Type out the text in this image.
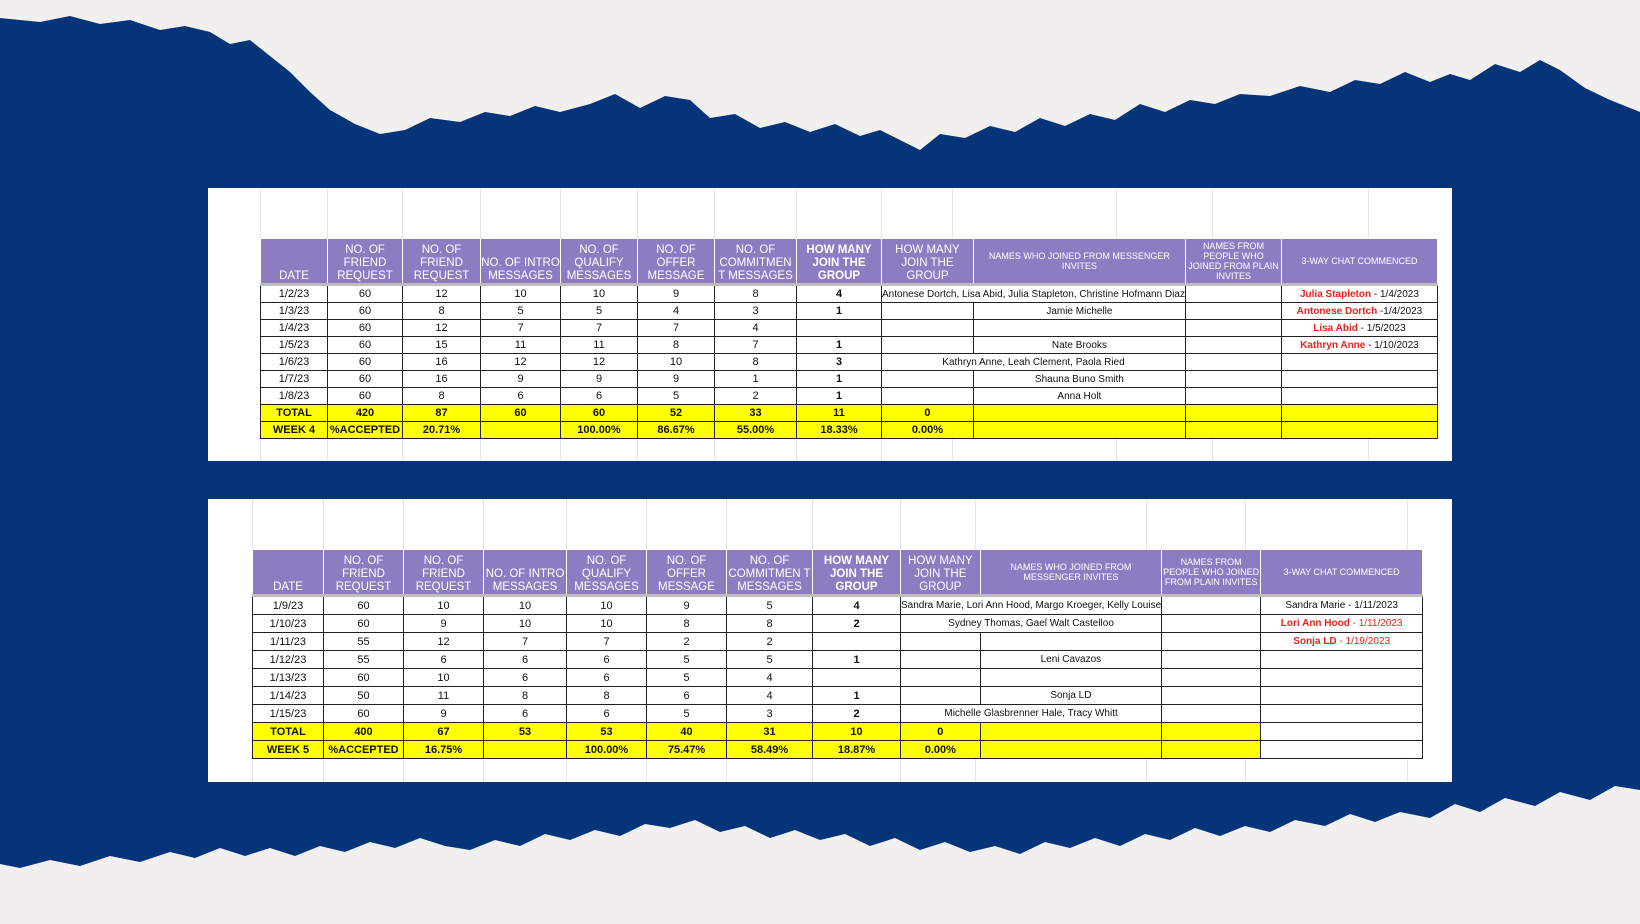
DATE	NO. OF FRIEND REQUEST	NO. OF FRIEND REQUEST	NO. OF INTRO MESSAGES	NO. OF QUALIFY MESSAGES	NO. OF OFFER MESSAGE	NO. OF COMMITMEN T MESSAGES	HOW MANY JOIN THE GROUP	HOW MANY JOIN THE GROUP	NAMES WHO JOINED FROM MESSENGER INVITES	NAMES FROM PEOPLE WHO JOINED FROM PLAIN INVITES	3-WAY CHAT COMMENCED
1/2/23	60	12	10	10	9	8	4	Antonese Dortch, Lisa Abid, Julia Stapleton, Christine Hofmann Diaz			Julia Stapleton - 1/4/2023
1/3/23	60	8	5	5	4	3	1		Jamie Michelle		Antonese Dortch -1/4/2023
1/4/23	60	12	7	7	7	4					Lisa Abid - 1/5/2023
1/5/23	60	15	11	11	8	7	1		Nate Brooks		Kathryn Anne - 1/10/2023
1/6/23	60	16	12	12	10	8	3	Kathryn Anne, Leah Clement, Paola Ried			
1/7/23	60	16	9	9	9	1	1		Shauna Buno Smith		
1/8/23	60	8	6	6	5	2	1		Anna Holt		
TOTAL	420	87	60	60	52	33	11	0			
WEEK 4	%ACCEPTED	20.71%		100.00%	86.67%	55.00%	18.33%	0.00%			
DATE	NO. OF FRIEND REQUEST	NO. OF FRIEND REQUEST	NO. OF INTRO MESSAGES	NO. OF QUALIFY MESSAGES	NO. OF OFFER MESSAGE	NO. OF COMMITMEN T MESSAGES	HOW MANY JOIN THE GROUP	HOW MANY JOIN THE GROUP	NAMES WHO JOINED FROM MESSENGER INVITES	NAMES FROM PEOPLE WHO JOINED FROM PLAIN INVITES	3-WAY CHAT COMMENCED
1/9/23	60	10	10	10	9	5	4	Sandra Marie, Lori Ann Hood, Margo Kroeger, Kelly Louise			Sandra Marie - 1/11/2023
1/10/23	60	9	10	10	8	8	2	Sydney Thomas, Gael Walt Castelloo			Lori Ann Hood - 1/11/2023
1/11/23	55	12	7	7	2	2					Sonja LD - 1/19/2023
1/12/23	55	6	6	6	5	5	1		Leni Cavazos		
1/13/23	60	10	6	6	5	4					
1/14/23	50	11	8	8	6	4	1		Sonja LD		
1/15/23	60	9	6	6	5	3	2	Michelle Glasbrenner Hale, Tracy Whitt			
TOTAL	400	67	53	53	40	31	10	0			
WEEK 5	%ACCEPTED	16.75%		100.00%	75.47%	58.49%	18.87%	0.00%			
